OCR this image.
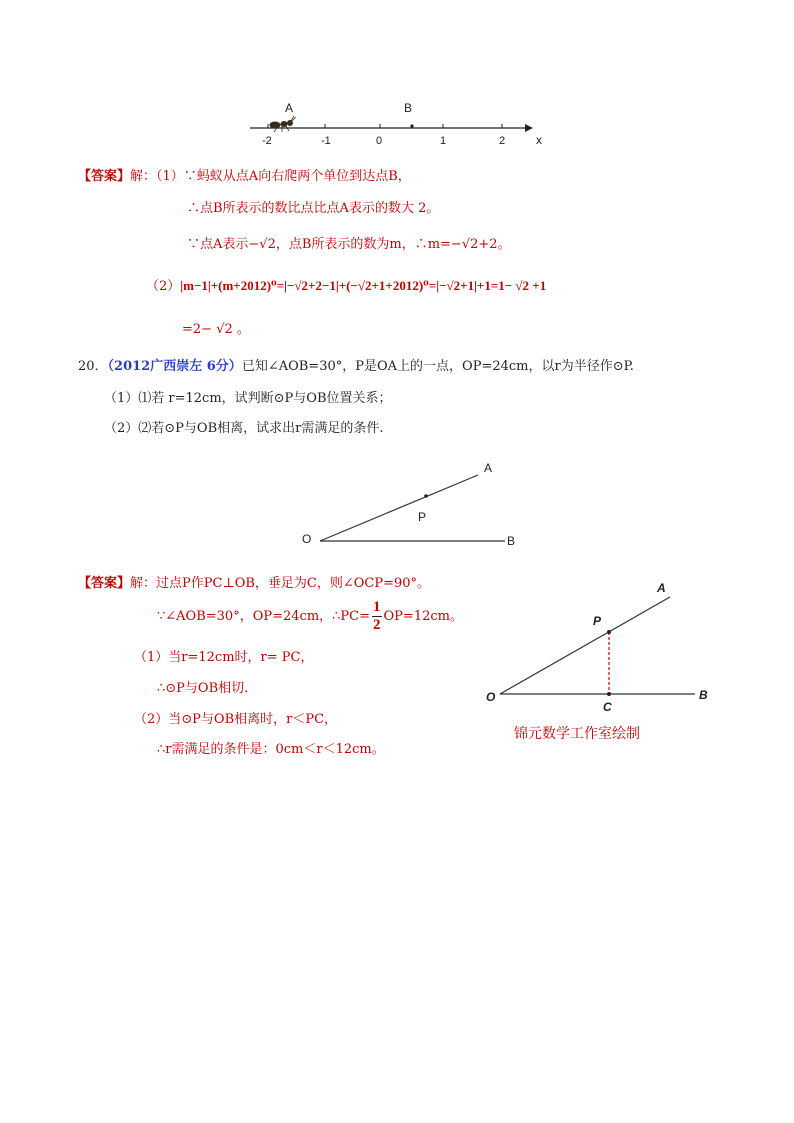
A	B
-2	-1	0	1	2	x
【答案】解：（1）∵蚂蚁从点A向右爬两个单位到达点B，
∴点B所表示的数比点比点A表示的数大 2。
∵点A表示−√2，点B所表示的数为m，∴m=−√2+2。
（2）|m−1|+(m+2012)⁰=|−√2+2−1|+(−√2+1+2012)⁰=|−√2+1|+1=1− √2 +1
=2− √2 。
20．（2012广西崇左 6分）已知∠AOB=30°，P是OA上的一点，OP=24cm，以r为半径作⊙P.
（1）⑴若 r=12cm，试判断⊙P与OB位置关系；
（2）⑵若⊙P与OB相离，试求出r需满足的条件.
A
P
O	B
【答案】解：过点P作PC⊥OB，垂足为C，则∠OCP=90°。
∵∠AOB=30°，OP=24cm，∴PC= $\frac{1}{2} OP=12cm$。
（1）当r=12cm时，r= PC，
∴⊙P与OB相切.
（2）当⊙P与OB相离时，r＜PC，
∴r需满足的条件是：0cm＜r＜12cm。
A
P
O
C
B
锦元数学工作室绘制
